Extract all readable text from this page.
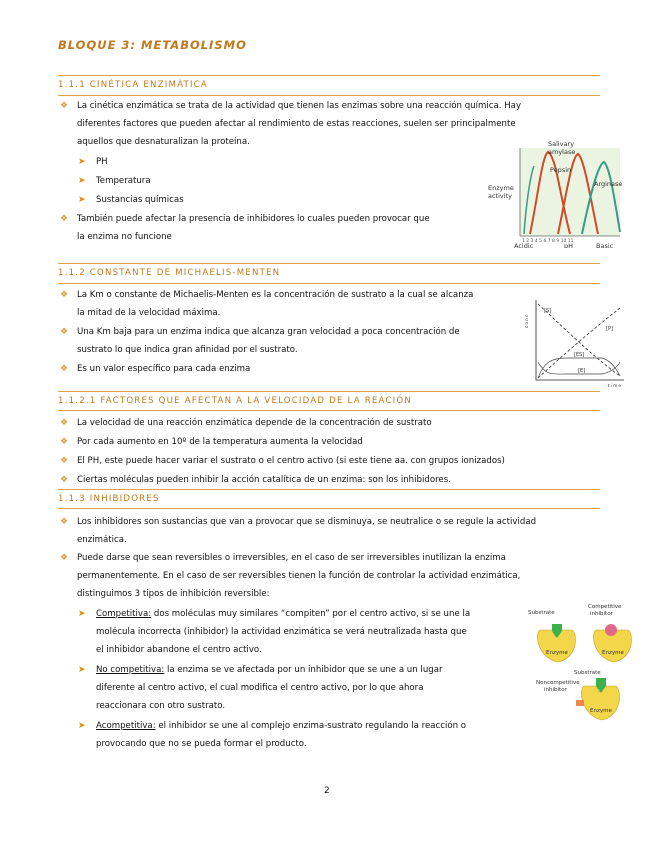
BLOQUE 3: METABOLISMO
1.1.1 CINÉTICA ENZIMÁTICA
❖ La cinética enzimática se trata de la actividad que tienen las enzimas sobre una reacción química. Hay
diferentes factores que pueden afectar al rendimiento de estas reacciones, suelen ser principalmente
aquellos que desnaturalizan la proteína.
➤ PH
➤ Temperatura
➤ Sustancias químicas
❖ También puede afectar la presencia de inhibidores lo cuales pueden provocar que
la enzima no funcione
Salivary
amylase
Pepsin
Arginase
Enzyme
activity
1 2 3 4 5 6 7 8 9 10 11
Acidic	pH	Basic
1.1.2 CONSTANTE DE MICHAELIS-MENTEN
❖ La Km o constante de Michaelis-Menten es la concentración de sustrato a la cual se alcanza
la mitad de la velocidad máxima.
❖ Una Km baja para un enzima indica que alcanza gran velocidad a poca concentración de
sustrato lo que indica gran afinidad por el sustrato.
❖ Es un valor específico para cada enzima
[S]
[P]
[ES]
[E]
c o n c
t i m e
1.1.2.1 FACTORES QUE AFECTAN A LA VELOCIDAD DE LA REACIÓN
❖ La velocidad de una reacción enzimática depende de la concentración de sustrato
❖ Por cada aumento en 10º de la temperatura aumenta la velocidad
❖ El PH, este puede hacer variar el sustrato o el centro activo (si este tiene aa. con grupos ionizados)
❖ Ciertas moléculas pueden inhibir la acción catalítica de un enzima: son los inhibidores.
1.1.3 INHIBIDORES
❖ Los inhibidores son sustancias que van a provocar que se disminuya, se neutralice o se regule la actividad
enzimática.
❖ Puede darse que sean reversibles o irreversibles, en el caso de ser irreversibles inutilizan la enzima
permanentemente. En el caso de ser reversibles tienen la función de controlar la actividad enzimática,
distinguimos 3 tipos de inhibición reversible:
➤ Competitiva: dos moléculas muy similares “compiten” por el centro activo, si se une la
molécula incorrecta (inhibidor) la actividad enzimática se verá neutralizada hasta que
el inhibidor abandone el centro activo.
➤ No competitiva: la enzima se ve afectada por un inhibidor que se une a un lugar
diferente al centro activo, el cual modifica el centro activo, por lo que ahora
reaccionara con otro sustrato.
➤ Acompetitiva: el inhibidor se une al complejo enzima-sustrato regulando la reacción o
provocando que no se pueda formar el producto.
Substrate
Competitive
inhibitor
Enzyme	Enzyme
Substrate
Noncompetitive
inhibitor
Enzyme
2
